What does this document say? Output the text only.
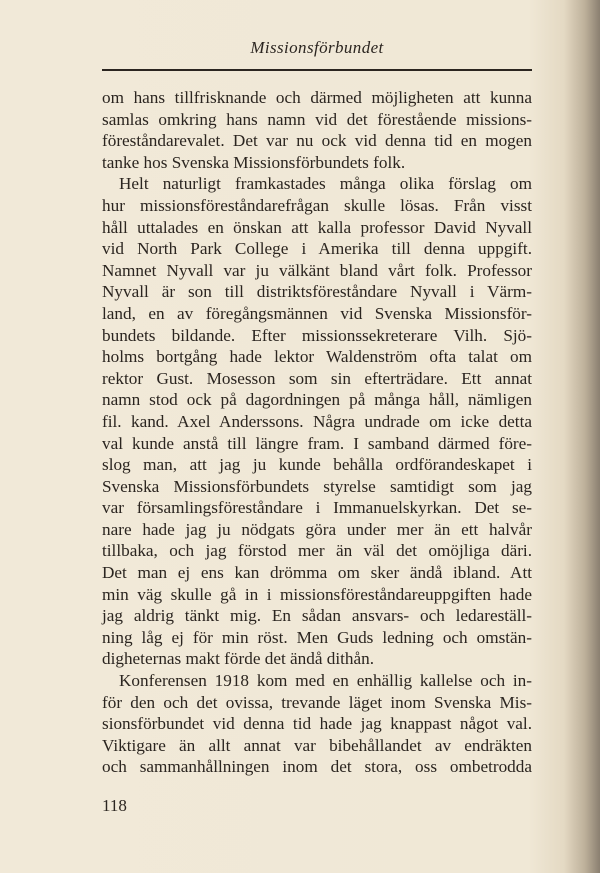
Missionsförbundet
om hans tillfrisknande och därmed möjligheten att kunna
samlas omkring hans namn vid det förestående missions-
föreståndarevalet. Det var nu ock vid denna tid en mogen
tanke hos Svenska Missionsförbundets folk.
Helt naturligt framkastades många olika förslag om
hur missionsföreståndarefrågan skulle lösas. Från visst
håll uttalades en önskan att kalla professor David Nyvall
vid North Park College i Amerika till denna uppgift.
Namnet Nyvall var ju välkänt bland vårt folk. Professor
Nyvall är son till distriktsföreståndare Nyvall i Värm-
land, en av föregångsmännen vid Svenska Missionsför-
bundets bildande. Efter missionssekreterare Vilh. Sjö-
holms bortgång hade lektor Waldenström ofta talat om
rektor Gust. Mosesson som sin efterträdare. Ett annat
namn stod ock på dagordningen på många håll, nämligen
fil. kand. Axel Anderssons. Några undrade om icke detta
val kunde anstå till längre fram. I samband därmed före-
slog man, att jag ju kunde behålla ordförandeskapet i
Svenska Missionsförbundets styrelse samtidigt som jag
var församlingsföreståndare i Immanuelskyrkan. Det se-
nare hade jag ju nödgats göra under mer än ett halvår
tillbaka, och jag förstod mer än väl det omöjliga däri.
Det man ej ens kan drömma om sker ändå ibland. Att
min väg skulle gå in i missionsföreståndareuppgiften hade
jag aldrig tänkt mig. En sådan ansvars- och ledareställ-
ning låg ej för min röst. Men Guds ledning och omstän-
digheternas makt förde det ändå dithån.
Konferensen 1918 kom med en enhällig kallelse och in-
för den och det ovissa, trevande läget inom Svenska Mis-
sionsförbundet vid denna tid hade jag knappast något val.
Viktigare än allt annat var bibehållandet av endräkten
och sammanhållningen inom det stora, oss ombetrodda
118
